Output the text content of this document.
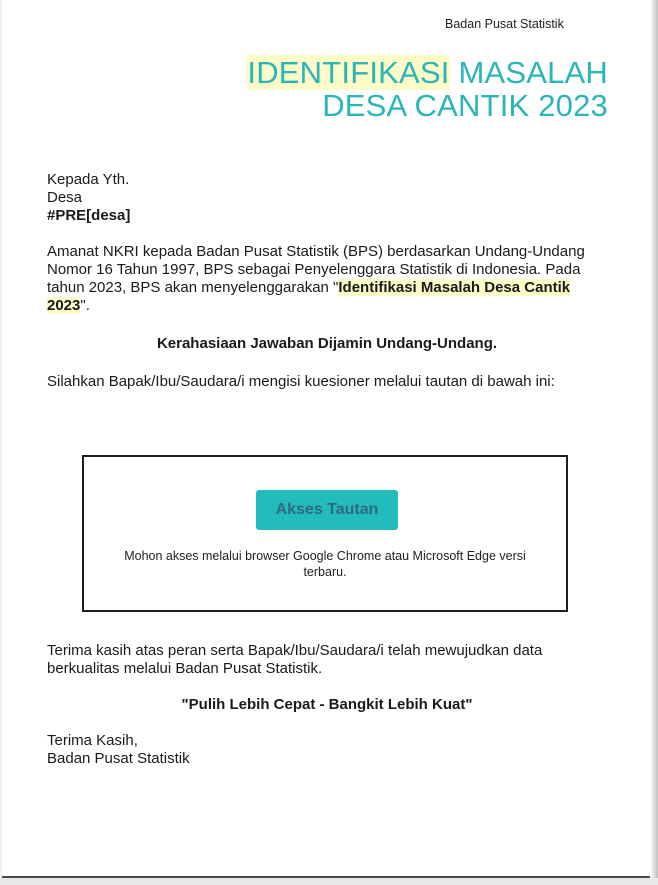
Badan Pusat Statistik
IDENTIFIKASI MASALAH
DESA CANTIK 2023

Kepada Yth.

Desa

#PRE[desa]

Amanat NKRI kepada Badan Pusat Statistik (BPS) berdasarkan Undang-Undang Nomor 16 Tahun 1997, BPS sebagai Penyelenggara Statistik di Indonesia. Pada tahun 2023, BPS akan menyelenggarakan "Identifikasi Masalah Desa Cantik 2023".

Kerahasiaan Jawaban Dijamin Undang-Undang.

Silahkan Bapak/Ibu/Saudara/i mengisi kuesioner melalui tautan di bawah ini:

Akses Tautan
Mohon akses melalui browser Google Chrome atau Microsoft Edge versi terbaru.

Terima kasih atas peran serta Bapak/Ibu/Saudara/i telah mewujudkan data berkualitas melalui Badan Pusat Statistik.

"Pulih Lebih Cepat - Bangkit Lebih Kuat"

Terima Kasih,

Badan Pusat Statistik
